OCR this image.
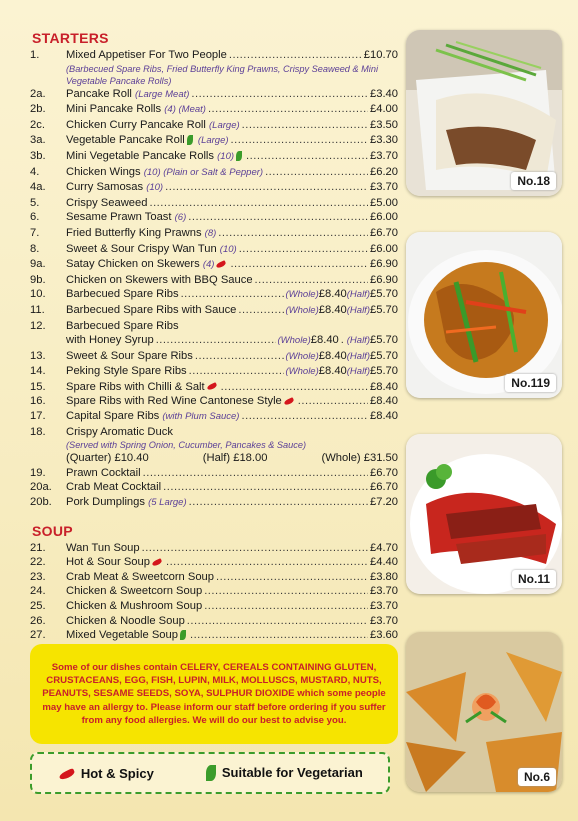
STARTERS
1.	Mixed Appetiser For Two People .....	£10.70
(Barbecued Spare Ribs, Fried Butterfly King Prawns, Crispy Seaweed & Mini Vegetable Pancake Rolls)
2a.	Pancake Roll (Large Meat) .....	£3.40
2b.	Mini Pancake Rolls (4) (Meat) .....	£4.00
2c.	Chicken Curry Pancake Roll (Large) .....	£3.50
3a.	Vegetable Pancake Roll (Large) .....	£3.30
3b.	Mini Vegetable Pancake Rolls (10) .....	£3.70
4.	Chicken Wings (10) (Plain or Salt & Pepper) .....	£6.20
4a.	Curry Samosas (10) .....	£3.70
5.	Crispy Seaweed .....	£5.00
6.	Sesame Prawn Toast (6) .....	£6.00
7.	Fried Butterfly King Prawns (8) .....	£6.70
8.	Sweet & Sour Crispy Wan Tun (10) .....	£6.00
9a.	Satay Chicken on Skewers (4) .....	£6.90
9b.	Chicken on Skewers with BBQ Sauce .....	£6.90
10.	Barbecued Spare Ribs .....	(Whole) £8.40 (Half) £5.70
11.	Barbecued Spare Ribs with Sauce .....	(Whole) £8.40 (Half) £5.70
12.	Barbecued Spare Ribs
with Honey Syrup .....	(Whole) £8.40 ..... (Half) £5.70
13.	Sweet & Sour Spare Ribs .....	(Whole) £8.40 (Half) £5.70
14.	Peking Style Spare Ribs .....	(Whole) £8.40 (Half) £5.70
15.	Spare Ribs with Chilli & Salt .....	£8.40
16.	Spare Ribs with Red Wine Cantonese Style .....	£8.40
17.	Capital Spare Ribs (with Plum Sauce) .....	£8.40
18.	Crispy Aromatic Duck
(Served with Spring Onion, Cucumber, Pancakes & Sauce)
(Quarter) £10.40	(Half) £18.00	(Whole) £31.50
19.	Prawn Cocktail .....	£6.70
20a.	Crab Meat Cocktail .....	£6.70
20b.	Pork Dumplings (5 Large) .....	£7.20
SOUP
21.	Wan Tun Soup .....	£4.70
22.	Hot & Sour Soup .....	£4.40
23.	Crab Meat & Sweetcorn Soup .....	£3.80
24.	Chicken & Sweetcorn Soup .....	£3.70
25.	Chicken & Mushroom Soup .....	£3.70
26.	Chicken & Noodle Soup .....	£3.70
27.	Mixed Vegetable Soup .....	£3.60
No.18
No.119
No.11
No.6
Some of our dishes contain CELERY, CEREALS CONTAINING GLUTEN, CRUSTACEANS, EGG, FISH, LUPIN, MILK, MOLLUSCS, MUSTARD, NUTS, PEANUTS, SESAME SEEDS, SOYA, SULPHUR DIOXIDE which some people may have an allergy to. Please inform our staff before ordering if you suffer from any food allergies. We will do our best to advise you.
Hot & Spicy	Suitable for Vegetarian
